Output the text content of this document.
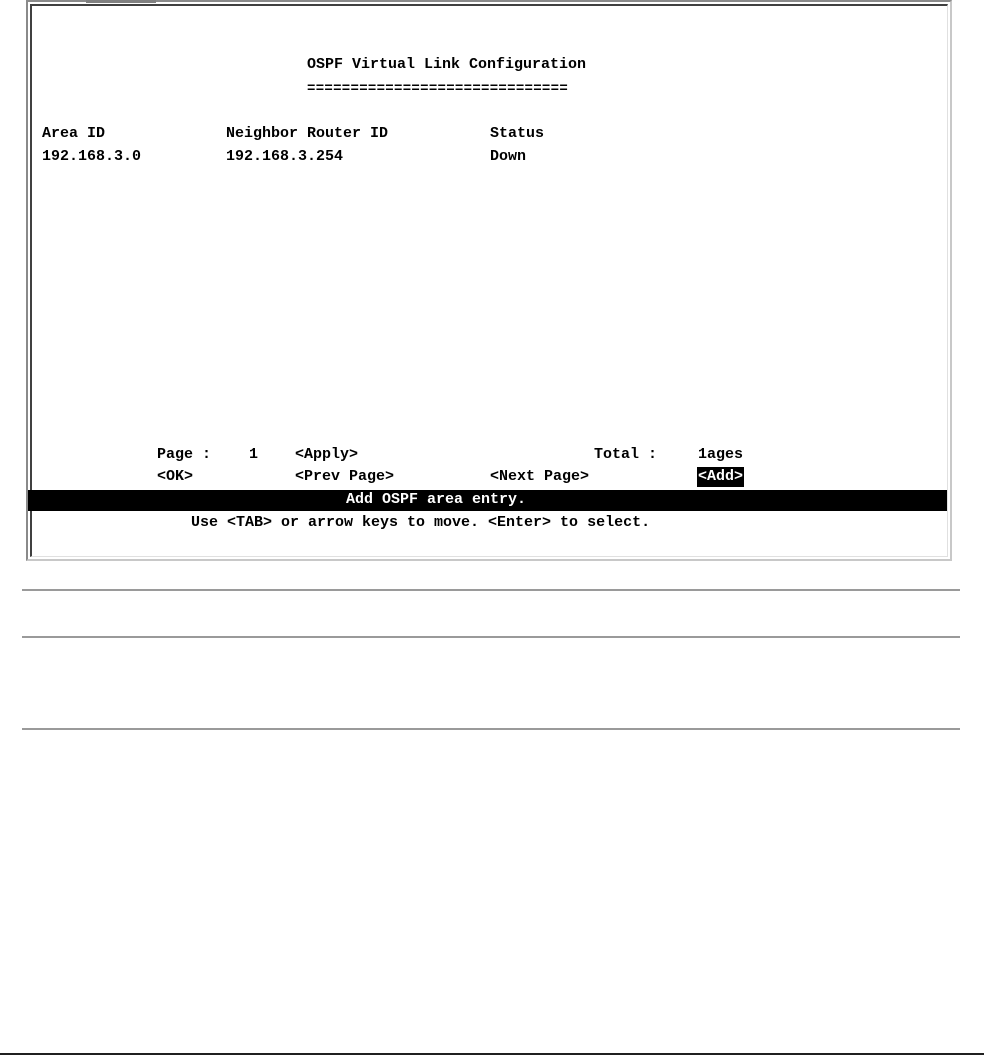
OSPF Virtual Link Configuration
==============================
Area ID	Neighbor Router ID	Status
192.168.3.0	192.168.3.254	Down
Page :	1 <Apply>	Total :	1ages
<OK>	<Prev Page>	<Next Page>	<Add>
Add OSPF area entry.
Use <TAB> or arrow keys to move. <Enter> to select.
